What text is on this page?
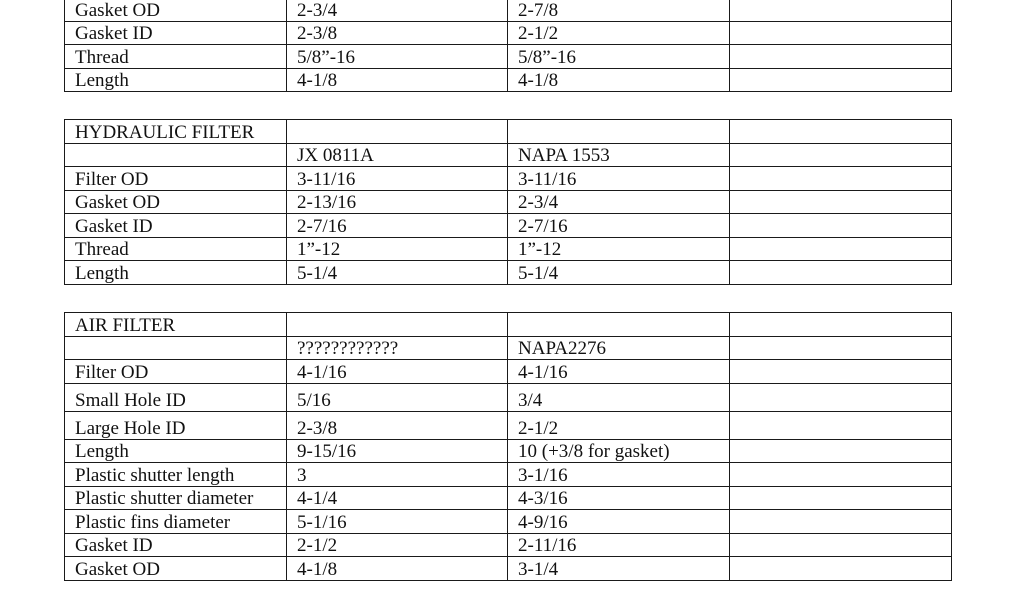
Gasket OD	2-3/4	2-7/8	
Gasket ID	2-3/8	2-1/2	
Thread	5/8”-16	5/8”-16	
Length	4-1/8	4-1/8	
HYDRAULIC FILTER			
	JX 0811A	NAPA 1553	
Filter OD	3-11/16	3-11/16	
Gasket OD	2-13/16	2-3/4	
Gasket ID	2-7/16	2-7/16	
Thread	1”-12	1”-12	
Length	5-1/4	5-1/4	
AIR FILTER			
	????????????	NAPA2276	
Filter OD	4-1/16	4-1/16	
Small Hole ID	5/16	3/4	
Large Hole ID	2-3/8	2-1/2	
Length	9-15/16	10 (+3/8 for gasket)	
Plastic shutter length	3	3-1/16	
Plastic shutter diameter	4-1/4	4-3/16	
Plastic fins diameter	5-1/16	4-9/16	
Gasket ID	2-1/2	2-11/16	
Gasket OD	4-1/8	3-1/4	
